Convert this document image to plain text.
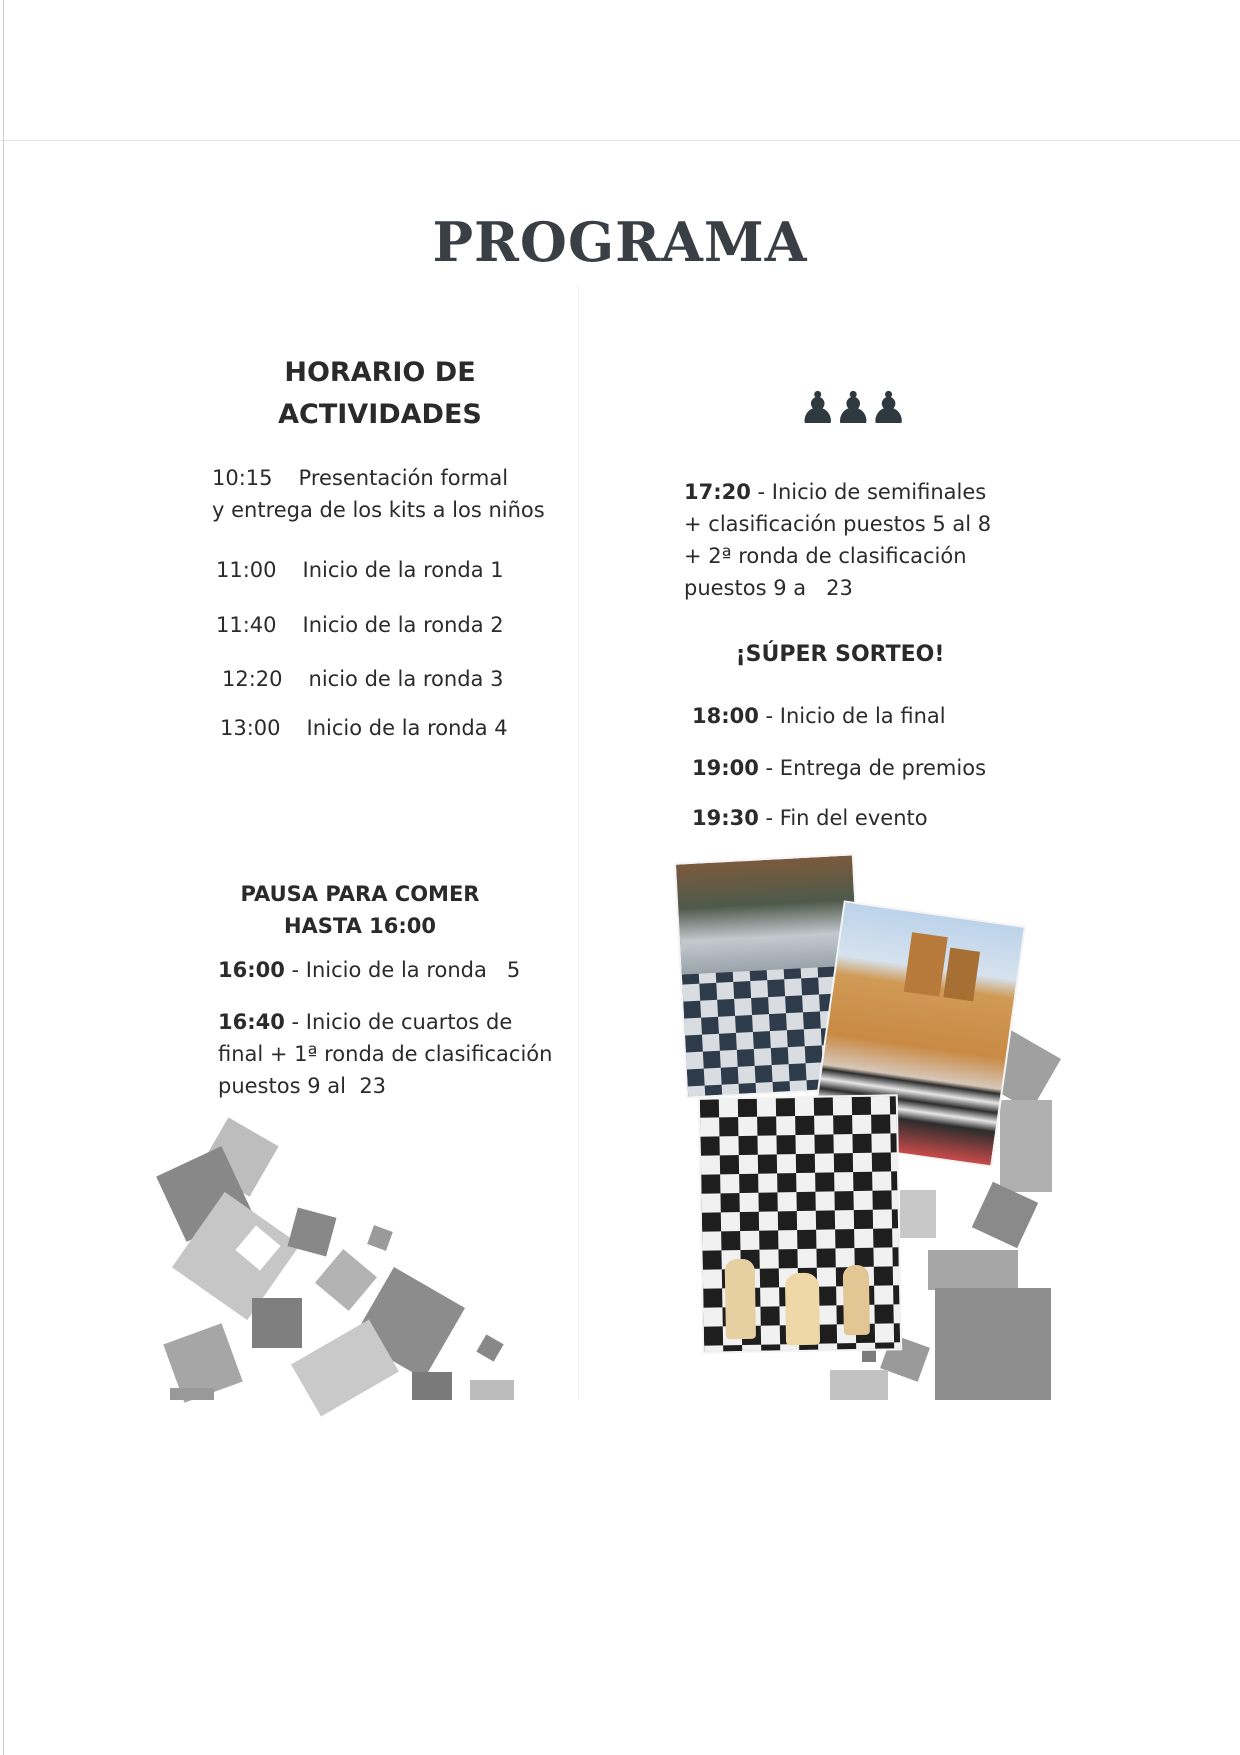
PROGRAMA
HORARIO DE
ACTIVIDADES
10:15 Presentación formal
y entrega de los kits a los niños
11:00 Inicio de la ronda 1
11:40 Inicio de la ronda 2
12:20 nicio de la ronda 3
13:00 Inicio de la ronda 4
PAUSA PARA COMER
HASTA 16:00
16:00 - Inicio de la ronda 5
16:40 - Inicio de cuartos de
final + 1ª ronda de clasificación
puestos 9 al 23
♟♟♟
17:20 - Inicio de semifinales
+ clasificación puestos 5 al 8
+ 2ª ronda de clasificación
puestos 9 a 23
¡SÚPER SORTEO!
18:00 - Inicio de la final
19:00 - Entrega de premios
19:30 - Fin del evento
